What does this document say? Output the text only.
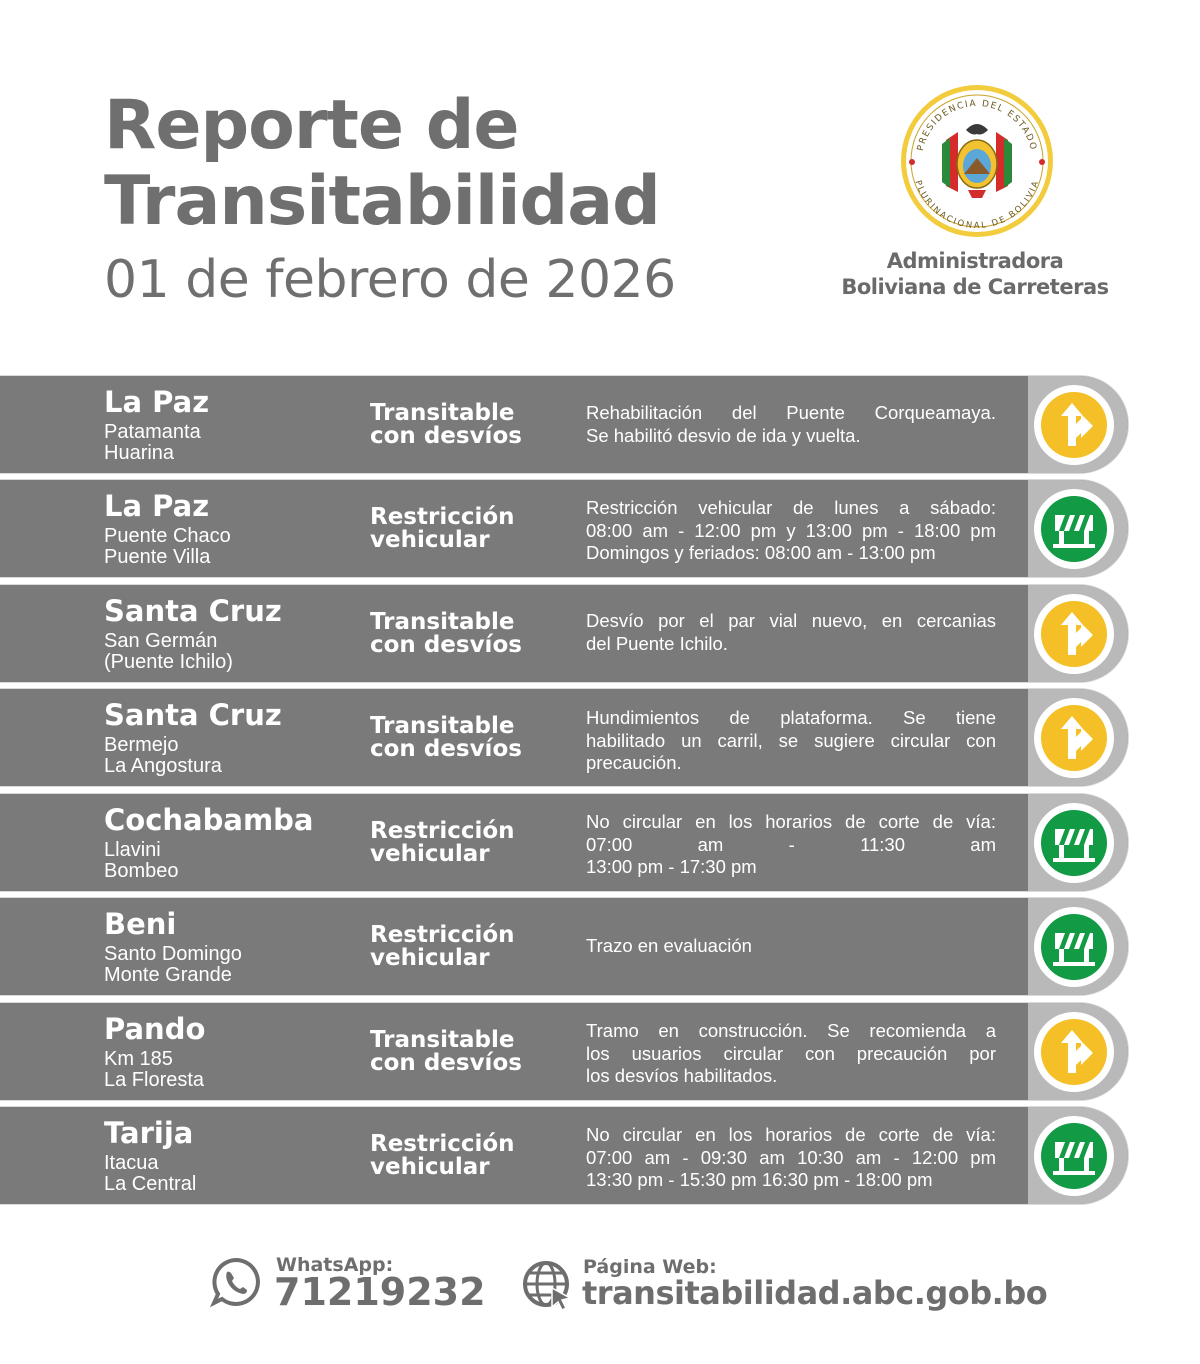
Reporte de
Transitabilidad
01 de febrero de 2026
PRESIDENCIA DEL ESTADO
PLURINACIONAL DE BOLIVIA
Administradora
Boliviana de Carreteras
La Paz
Patamanta
Huarina
Transitable
con desvíos
Rehabilitación del Puente Corqueamaya.
Se habilitó desvio de ida y vuelta.
La Paz
Puente Chaco
Puente Villa
Restricción
vehicular
Restricción vehicular de lunes a sábado:
08:00 am - 12:00 pm y 13:00 pm - 18:00 pm
Domingos y feriados: 08:00 am - 13:00 pm
Santa Cruz
San Germán
(Puente Ichilo)
Transitable
con desvíos
Desvío por el par vial nuevo, en cercanias
del Puente Ichilo.
Santa Cruz
Bermejo
La Angostura
Transitable
con desvíos
Hundimientos de plataforma. Se tiene
habilitado un carril, se sugiere circular con
precaución.
Cochabamba
Llavini
Bombeo
Restricción
vehicular
No circular en los horarios de corte de vía:
07:00 am - 11:30 am
13:00 pm - 17:30 pm
Beni
Santo Domingo
Monte Grande
Restricción
vehicular	Trazo en evaluación
Pando
Km 185
La Floresta
Transitable
con desvíos
Tramo en construcción. Se recomienda a
los usuarios circular con precaución por
los desvíos habilitados.
Tarija
Itacua
La Central
Restricción
vehicular
No circular en los horarios de corte de vía:
07:00 am - 09:30 am 10:30 am - 12:00 pm
13:30 pm - 15:30 pm 16:30 pm - 18:00 pm
WhatsApp:
71219232
Página Web:
transitabilidad.abc.gob.bo
